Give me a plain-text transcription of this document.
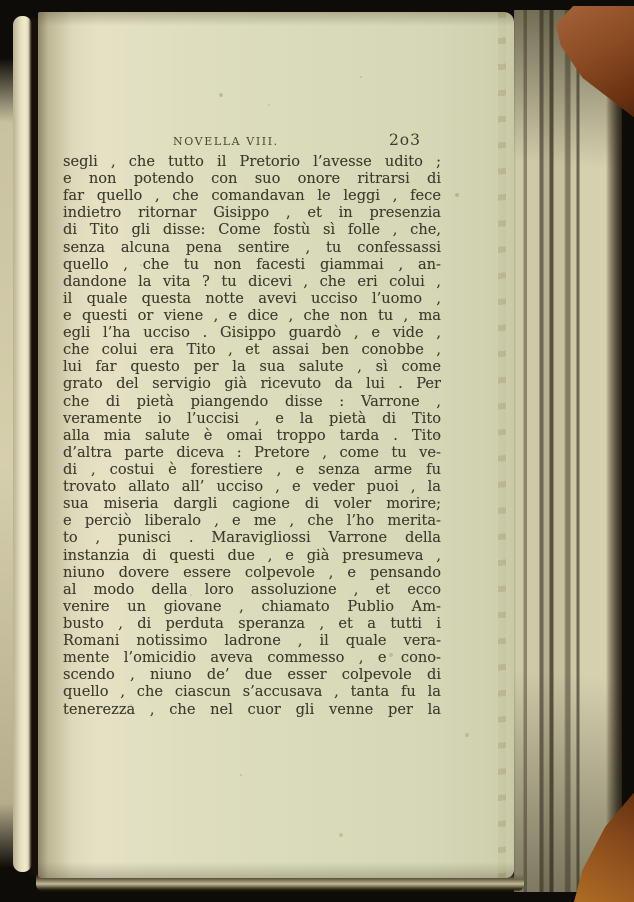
NOVELLA VIII.	2o3
segli , che tutto il Pretorio l’avesse udito ;
e non potendo con suo onore ritrarsi di
far quello , che comandavan le leggi , fece
indietro ritornar Gisippo , et in presenzia
di Tito gli disse: Come fostù sì folle , che,
senza alcuna pena sentire , tu confessassi
quello , che tu non facesti giammai , an-
dandone la vita ? tu dicevi , che eri colui ,
il quale questa notte avevi ucciso l’uomo ,
e questi or viene , e dice , che non tu , ma
egli l’ha ucciso . Gisippo guardò , e vide ,
che colui era Tito , et assai ben conobbe ,
lui far questo per la sua salute , sì come
grato del servigio già ricevuto da lui . Per
che di pietà piangendo disse : Varrone ,
veramente io l’uccisi , e la pietà di Tito
alla mia salute è omai troppo tarda . Tito
d’altra parte diceva : Pretore , come tu ve-
di , costui è forestiere , e senza arme fu
trovato allato all’ ucciso , e veder puoi , la
sua miseria dargli cagione di voler morire;
e perciò liberalo , e me , che l’ho merita-
to , punisci . Maravigliossi Varrone della
instanzia di questi due , e già presumeva ,
niuno dovere essere colpevole , e pensando
al modo della loro assoluzione , et ecco
venire un giovane , chiamato Publio Am-
busto , di perduta speranza , et a tutti i
Romani notissimo ladrone , il quale vera-
mente l’omicidio aveva commesso , e cono-
scendo , niuno de’ due esser colpevole di
quello , che ciascun s’accusava , tanta fu la
tenerezza , che nel cuor gli venne per la
